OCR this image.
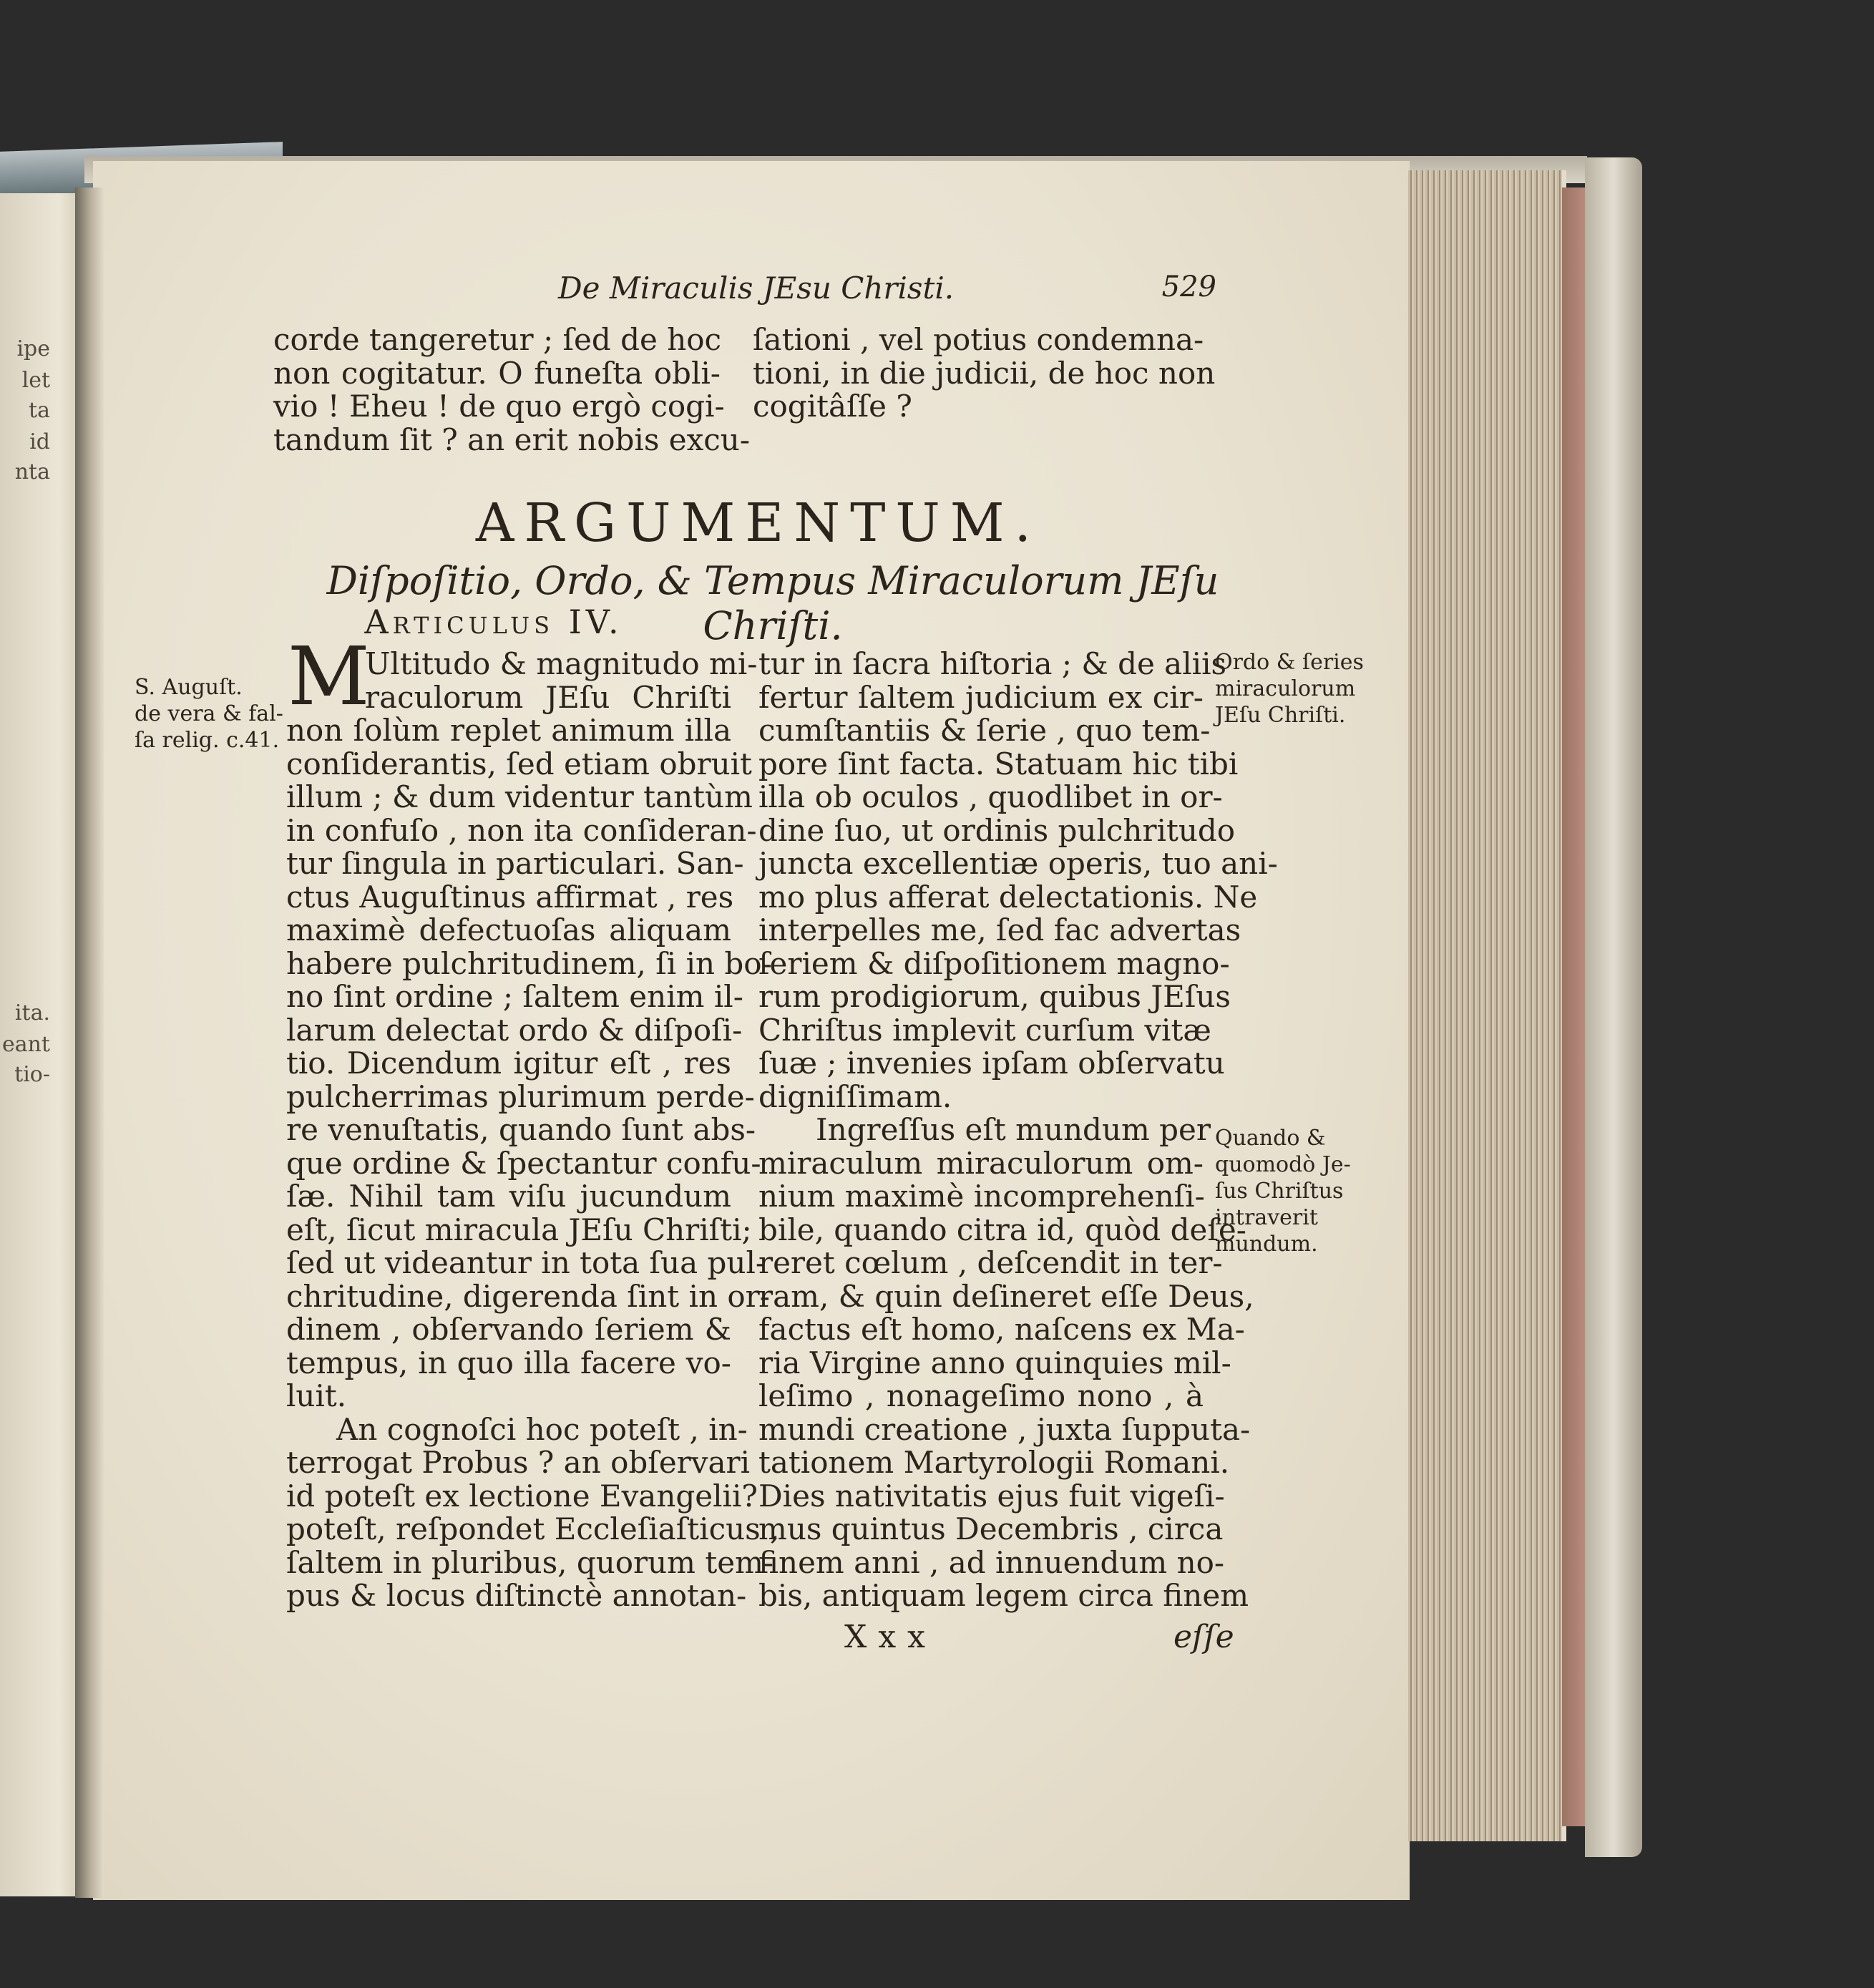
ipe
let
ta
id
nta
ita.
eant
tio-
De Miraculis JEsu Christi.	529
corde tangeretur ; ſed de hoc
non cogitatur. O funeſta obli-
vio ! Eheu ! de quo ergò cogi-
tandum ſit ? an erit nobis excu-
ſationi , vel potius condemna-
tioni, in die judicii, de hoc non
cogitâſſe ?
ARGUMENTUM.
Diſpoſitio, Ordo, & Tempus Miraculorum JEſu Chriſti.
Articulus IV.
S. Auguſt.
de vera & fal-
ſa relig. c.41.
M
Ultitudo & magnitudo mi-
raculorum JEſu Chriſti
non ſolùm replet animum illa
conſiderantis, ſed etiam obruit
illum ; & dum videntur tantùm
in confuſo , non ita conſideran-
tur ſingula in particulari. San-
ctus Auguſtinus affirmat , res
maximè defectuoſas aliquam
habere pulchritudinem, ſi in bo-
no ſint ordine ; ſaltem enim il-
larum delectat ordo & diſpoſi-
tio. Dicendum igitur eſt , res
pulcherrimas plurimum perde-
re venuſtatis, quando ſunt abs-
que ordine & ſpectantur confu-
ſæ. Nihil tam viſu jucundum
eſt, ſicut miracula JEſu Chriſti;
ſed ut videantur in tota ſua pul-
chritudine, digerenda ſint in or-
dinem , obſervando ſeriem &
tempus, in quo illa facere vo-
luit.
An cognoſci hoc poteſt , in-
terrogat Probus ? an obſervari
id poteſt ex lectione Evangelii?
poteſt, reſpondet Eccleſiaſticus ,
ſaltem in pluribus, quorum tem-
pus & locus diſtinctè annotan-
tur in ſacra hiſtoria ; & de aliis
fertur ſaltem judicium ex cir-
cumſtantiis & ſerie , quo tem-
pore ſint facta. Statuam hic tibi
illa ob oculos , quodlibet in or-
dine ſuo, ut ordinis pulchritudo
juncta excellentiæ operis, tuo ani-
mo plus afferat delectationis. Ne
interpelles me, ſed fac advertas
ſeriem & diſpoſitionem magno-
rum prodigiorum, quibus JEſus
Chriſtus implevit curſum vitæ
ſuæ ; invenies ipſam obſervatu
digniſſimam.
Ingreſſus eſt mundum per
miraculum miraculorum om-
nium maximè incomprehenſi-
bile, quando citra id, quòd deſe-
reret cœlum , deſcendit in ter-
ram, & quin deſineret eſſe Deus,
factus eſt homo, naſcens ex Ma-
ria Virgine anno quinquies mil-
leſimo , nonageſimo nono , à
mundi creatione , juxta ſupputa-
tationem Martyrologii Romani.
Dies nativitatis ejus fuit vigeſi-
mus quintus Decembris , circa
finem anni , ad innuendum no-
bis, antiquam legem circa finem
Ordo & ſeries
miraculorum
JEſu Chriſti.
Quando &
quomodò Je-
ſus Chriſtus
intraverit
mundum.
Xxx	eſſe
